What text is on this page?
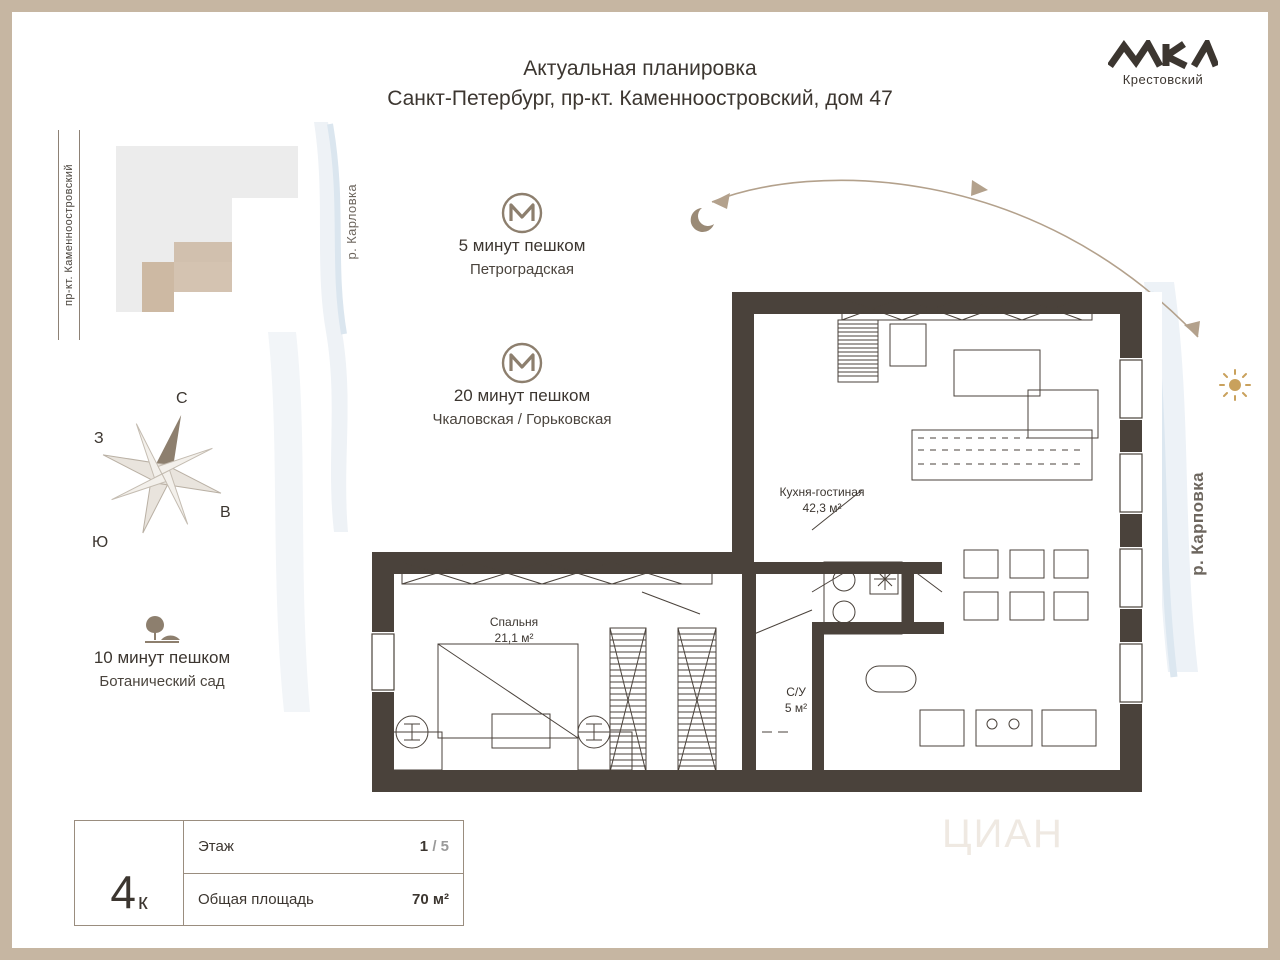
Актуальная планировка
Санкт-Петербург, пр-кт. Каменноостровский, дом 47
Крестовский
пр-кт. Каменноостровский	р. Карловка
р. Карповка
С
З
В
Ю
5 минут пешком
Петроградская
20 минут пешком
Чкаловская / Горьковская
10 минут пешком
Ботанический сад
Кухня-гостиная
42,3 м²
Спальня
21,1 м²
С/У
5 м²
ЦИАН
4 к
Этаж	1 / 5
Общая площадь	70 м²
